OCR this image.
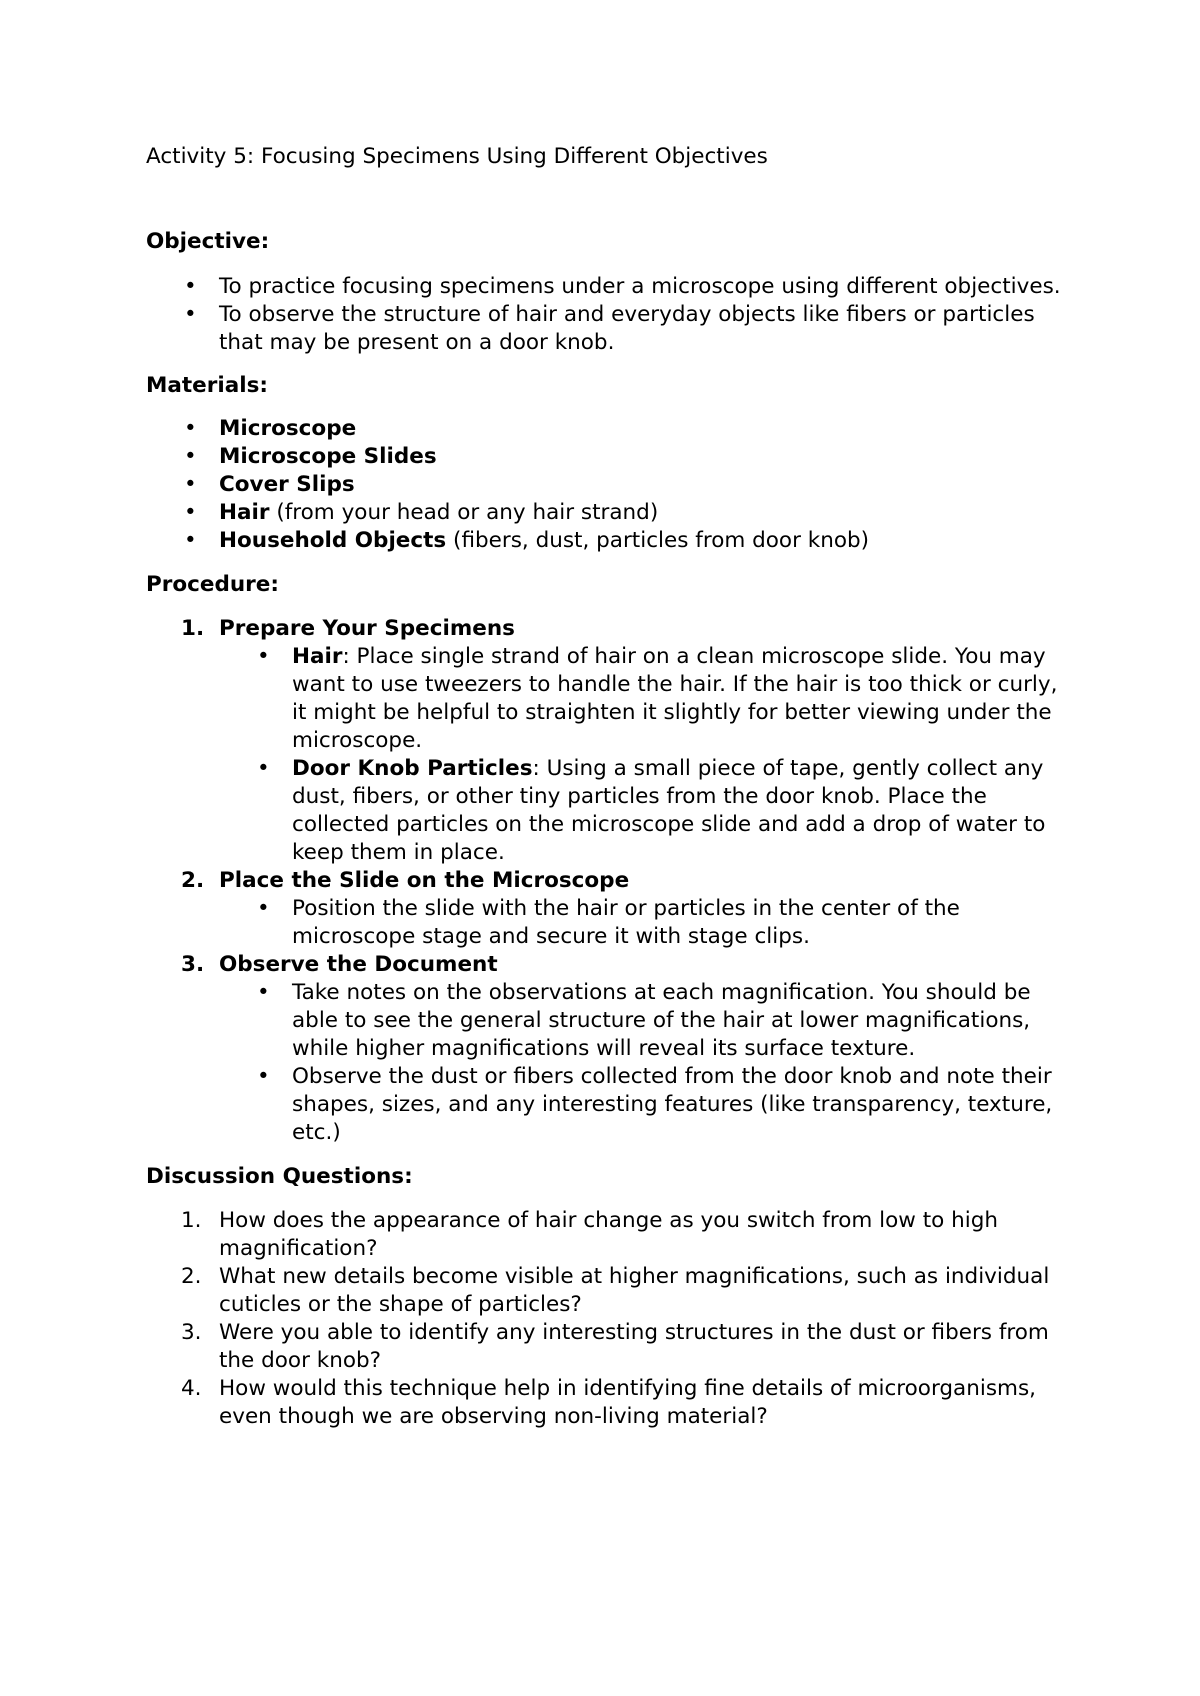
Activity 5: Focusing Specimens Using Different Objectives
Objective:
• To practice focusing specimens under a microscope using different objectives.
• To observe the structure of hair and everyday objects like fibers or particles that may be present on a door knob.
Materials:
• Microscope
• Microscope Slides
• Cover Slips
• Hair (from your head or any hair strand)
• Household Objects (fibers, dust, particles from door knob)
Procedure:
1. Prepare Your Specimens
• Hair: Place single strand of hair on a clean microscope slide. You may want to use tweezers to handle the hair. If the hair is too thick or curly, it might be helpful to straighten it slightly for better viewing under the microscope.
• Door Knob Particles: Using a small piece of tape, gently collect any dust, fibers, or other tiny particles from the door knob. Place the collected particles on the microscope slide and add a drop of water to keep them in place.
2. Place the Slide on the Microscope
• Position the slide with the hair or particles in the center of the microscope stage and secure it with stage clips.
3. Observe the Document
• Take notes on the observations at each magnification. You should be able to see the general structure of the hair at lower magnifications, while higher magnifications will reveal its surface texture.
• Observe the dust or fibers collected from the door knob and note their shapes, sizes, and any interesting features (like transparency, texture, etc.)
Discussion Questions:
1. How does the appearance of hair change as you switch from low to high magnification?
2. What new details become visible at higher magnifications, such as individual cuticles or the shape of particles?
3. Were you able to identify any interesting structures in the dust or fibers from the door knob?
4. How would this technique help in identifying fine details of microorganisms, even though we are observing non-living material?
